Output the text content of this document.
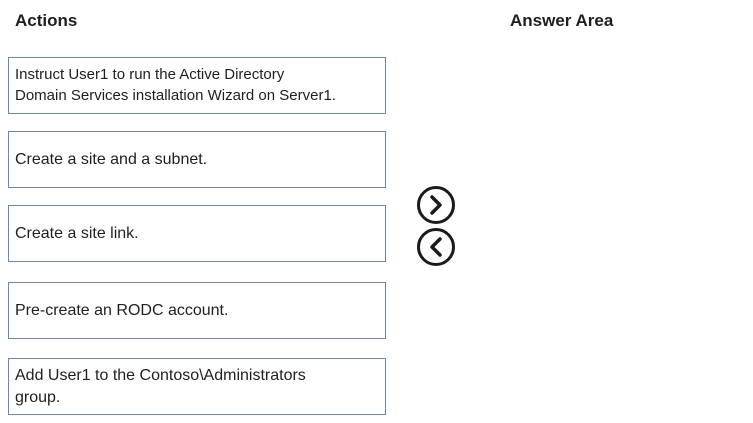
Actions	Answer Area
Instruct User1 to run the Active Directory
Domain Services installation Wizard on Server1.
Create a site and a subnet.
Create a site link.
Pre-create an RODC account.
Add User1 to the Contoso\Administrators
group.
